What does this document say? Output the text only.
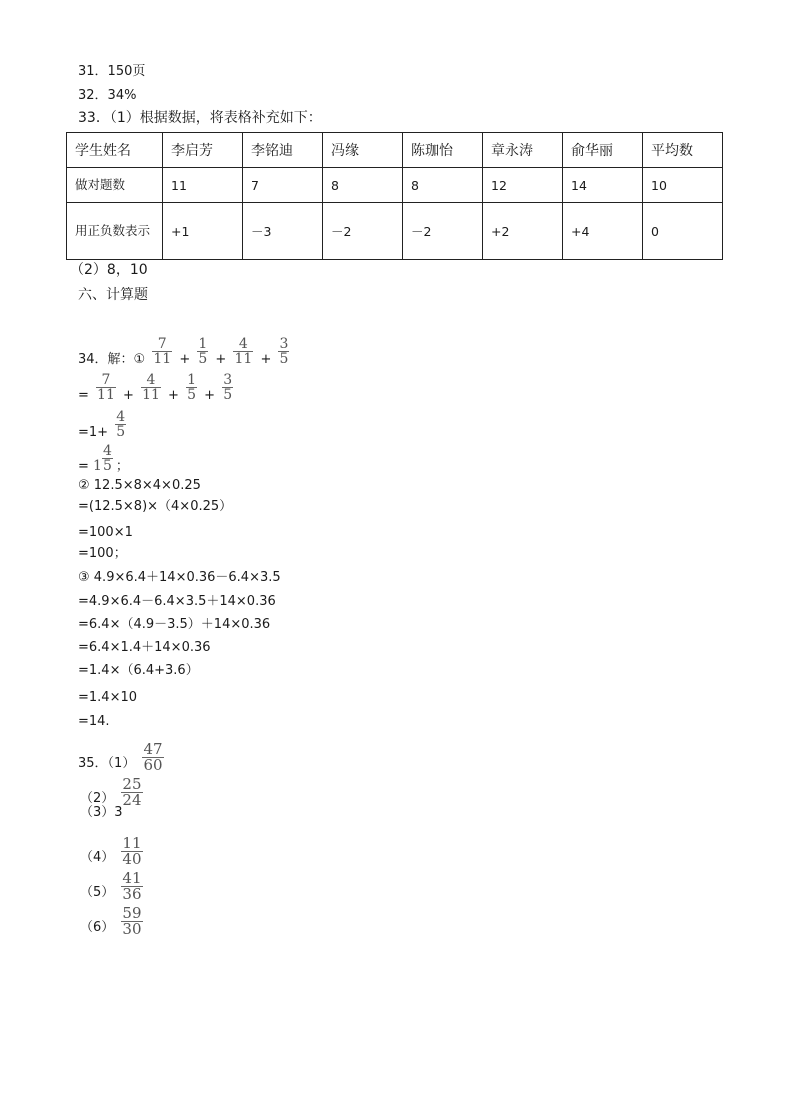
31．150页
32．34%
33．（1）根据数据，将表格补充如下：
学生姓名	李启芳	李铭迪	冯缘	陈珈怡	章永涛	俞华丽	平均数
做对题数	11	7	8	8	12	14	10
用正负数表示	+1	－3	－2	－2	+2	+4	0
（2）8，10
六、计算题
34．解：① $\frac{7}{11} + \frac{1}{5} + \frac{4}{11} + \frac{3}{5}$
= $\frac{7}{11} + \frac{4}{11} + \frac{1}{5} + \frac{3}{5}$
$=1+ \frac{4}{5}$
= $1 \frac{4}{5}$ ；
② 12.5×8×4×0.25
=(12.5×8)×（4×0.25）
=100×1
=100；
③ 4.9×6.4＋14×0.36－6.4×3.5
=4.9×6.4－6.4×3.5＋14×0.36
=6.4×（4.9－3.5）＋14×0.36
=6.4×1.4＋14×0.36
=1.4×（6.4+3.6）
=1.4×10
=14.
35．$(1) \frac{47}{60}$
$(2) \frac{25}{24}$
（3）3
$(4) \frac{11}{40}$
$(5) \frac{41}{36}$
$(6) \frac{59}{30}$
